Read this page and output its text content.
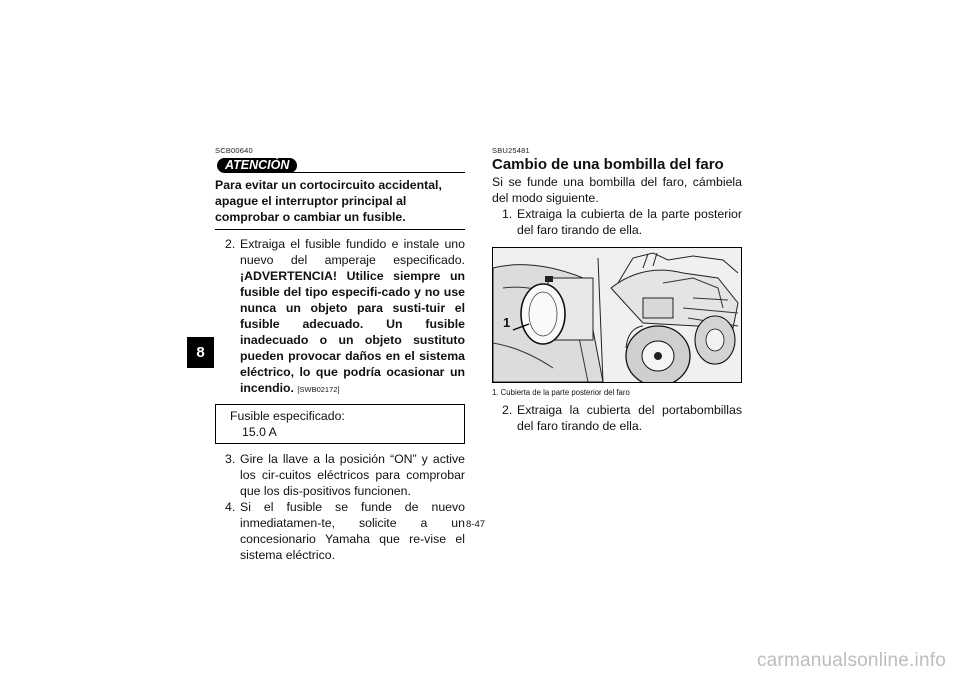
8
SCB00640
ATENCIÓN
Para evitar un cortocircuito accidental, apague el interruptor principal al comprobar o cambiar un fusible.
2. Extraiga el fusible fundido e instale uno nuevo del amperaje especificado. ¡ADVERTENCIA! Utilice siempre un fusible del tipo especifi-cado y no use nunca un objeto para susti-tuir el fusible adecuado. Un fusible inadecuado o un objeto sustituto pueden provocar daños en el sistema eléctrico, lo que podría ocasionar un incendio. [SWB02172]
Fusible especificado:
15.0 A
3. Gire la llave a la posición “ON” y active los cir-cuitos eléctricos para comprobar que los dis-positivos funcionen.
4. Si el fusible se funde de nuevo inmediatamen-te, solicite a un concesionario Yamaha que re-vise el sistema eléctrico.
SBU25481
Cambio de una bombilla del faro
Si se funde una bombilla del faro, cámbiela del modo siguiente.
1. Extraiga la cubierta de la parte posterior del faro tirando de ella.
1
1. Cubierta de la parte posterior del faro
2. Extraiga la cubierta del portabombillas del faro tirando de ella.
8-47
carmanualsonline.info
